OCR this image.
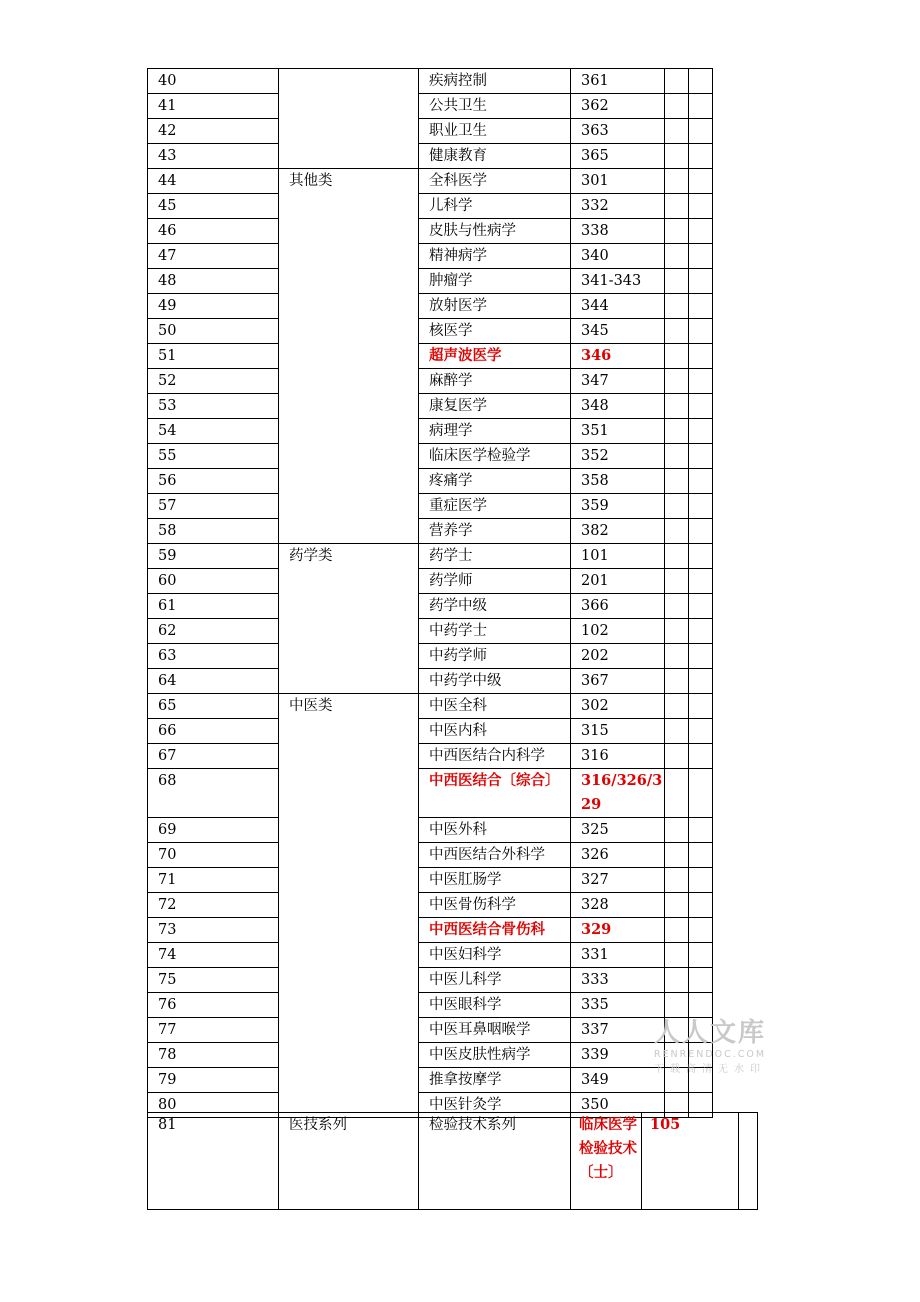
40		疾病控制	361		
41		公共卫生	362		
42		职业卫生	363		
43		健康教育	365		
44	其他类	全科医学	301		
45		儿科学	332		
46		皮肤与性病学	338		
47		精神病学	340		
48		肿瘤学	341-343		
49		放射医学	344		
50		核医学	345		
51		超声波医学	346		
52		麻醉学	347		
53		康复医学	348		
54		病理学	351		
55		临床医学检验学	352		
56		疼痛学	358		
57		重症医学	359		
58		营养学	382		
59	药学类	药学士	101		
60		药学师	201		
61		药学中级	366		
62		中药学士	102		
63		中药学师	202		
64		中药学中级	367		
65	中医类	中医全科	302		
66		中医内科	315		
67		中西医结合内科学	316		
68		中西医结合〔综合〕	316/326/329		
69		中医外科	325		
70		中西医结合外科学	326		
71		中医肛肠学	327		
72		中医骨伤科学	328		
73		中西医结合骨伤科	329		
74		中医妇科学	331		
75		中医儿科学	333		
76		中医眼科学	335		
77		中医耳鼻咽喉学	337		
78		中医皮肤性病学	339		
79		推拿按摩学	349		
80		中医针灸学	350		
81	医技系列	检验技术系列	临床医学检验技术〔士〕	105	
人人文库
RENRENDOC.COM
下载高清无水印
